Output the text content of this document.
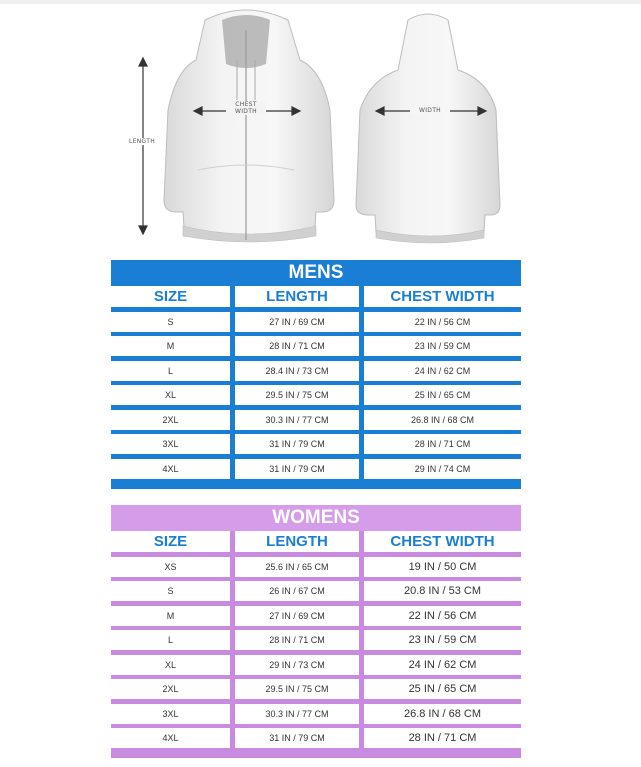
LENGTH
CHEST
WIDTH	WIDTH
MENS
SIZE	LENGTH	CHEST WIDTH
S	27 IN / 69 CM	22 IN / 56 CM
M	28 IN / 71 CM	23 IN / 59 CM
L	28.4 IN / 73 CM	24 IN / 62 CM
XL	29.5 IN / 75 CM	25 IN / 65 CM
2XL	30.3 IN / 77 CM	26.8 IN / 68 CM
3XL	31 IN / 79 CM	28 IN / 71 CM
4XL	31 IN / 79 CM	29 IN / 74 CM
WOMENS
SIZE	LENGTH	CHEST WIDTH
XS	25.6 IN / 65 CM	19 IN / 50 CM
S	26 IN / 67 CM	20.8 IN / 53 CM
M	27 IN / 69 CM	22 IN / 56 CM
L	28 IN / 71 CM	23 IN / 59 CM
XL	29 IN / 73 CM	24 IN / 62 CM
2XL	29.5 IN / 75 CM	25 IN / 65 CM
3XL	30.3 IN / 77 CM	26.8 IN / 68 CM
4XL	31 IN / 79 CM	28 IN / 71 CM
